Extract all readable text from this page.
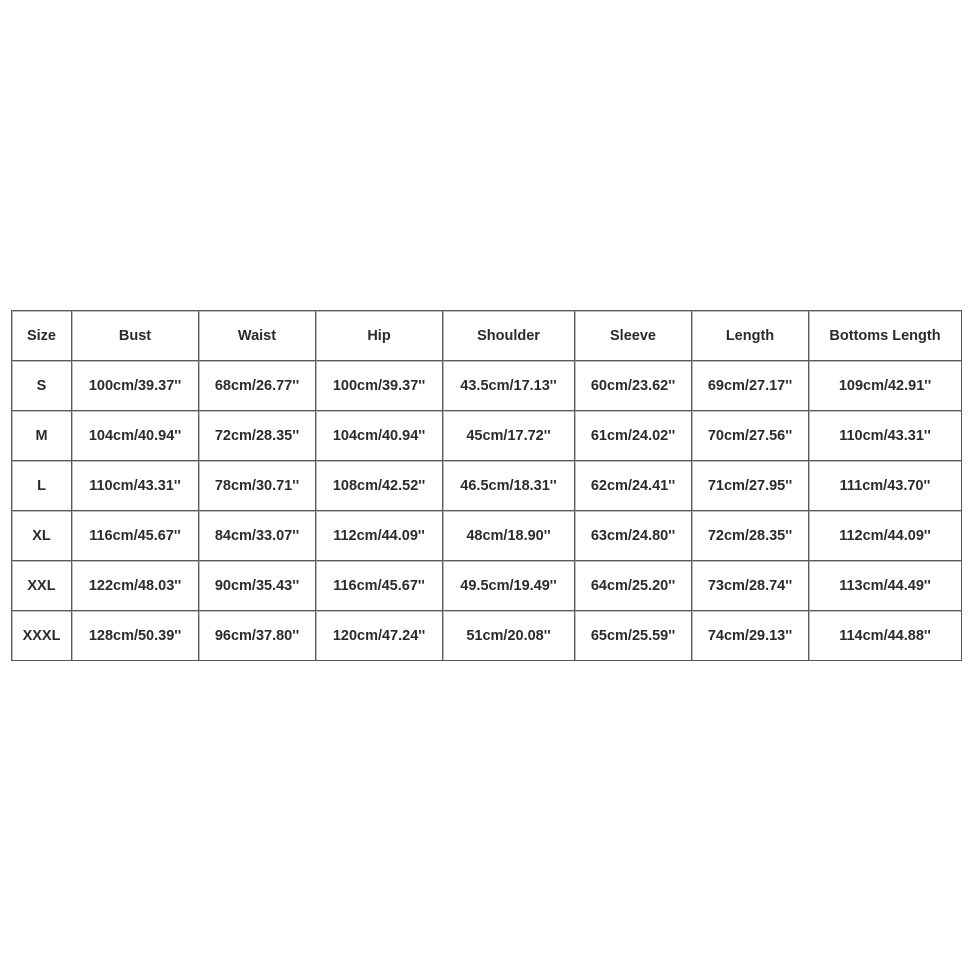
Size	Bust	Waist	Hip	Shoulder	Sleeve	Length	Bottoms Length
S	100cm/39.37''	68cm/26.77''	100cm/39.37''	43.5cm/17.13''	60cm/23.62''	69cm/27.17''	109cm/42.91''
M	104cm/40.94''	72cm/28.35''	104cm/40.94''	45cm/17.72''	61cm/24.02''	70cm/27.56''	110cm/43.31''
L	110cm/43.31''	78cm/30.71''	108cm/42.52''	46.5cm/18.31''	62cm/24.41''	71cm/27.95''	111cm/43.70''
XL	116cm/45.67''	84cm/33.07''	112cm/44.09''	48cm/18.90''	63cm/24.80''	72cm/28.35''	112cm/44.09''
XXL	122cm/48.03''	90cm/35.43''	116cm/45.67''	49.5cm/19.49''	64cm/25.20''	73cm/28.74''	113cm/44.49''
XXXL	128cm/50.39''	96cm/37.80''	120cm/47.24''	51cm/20.08''	65cm/25.59''	74cm/29.13''	114cm/44.88''
